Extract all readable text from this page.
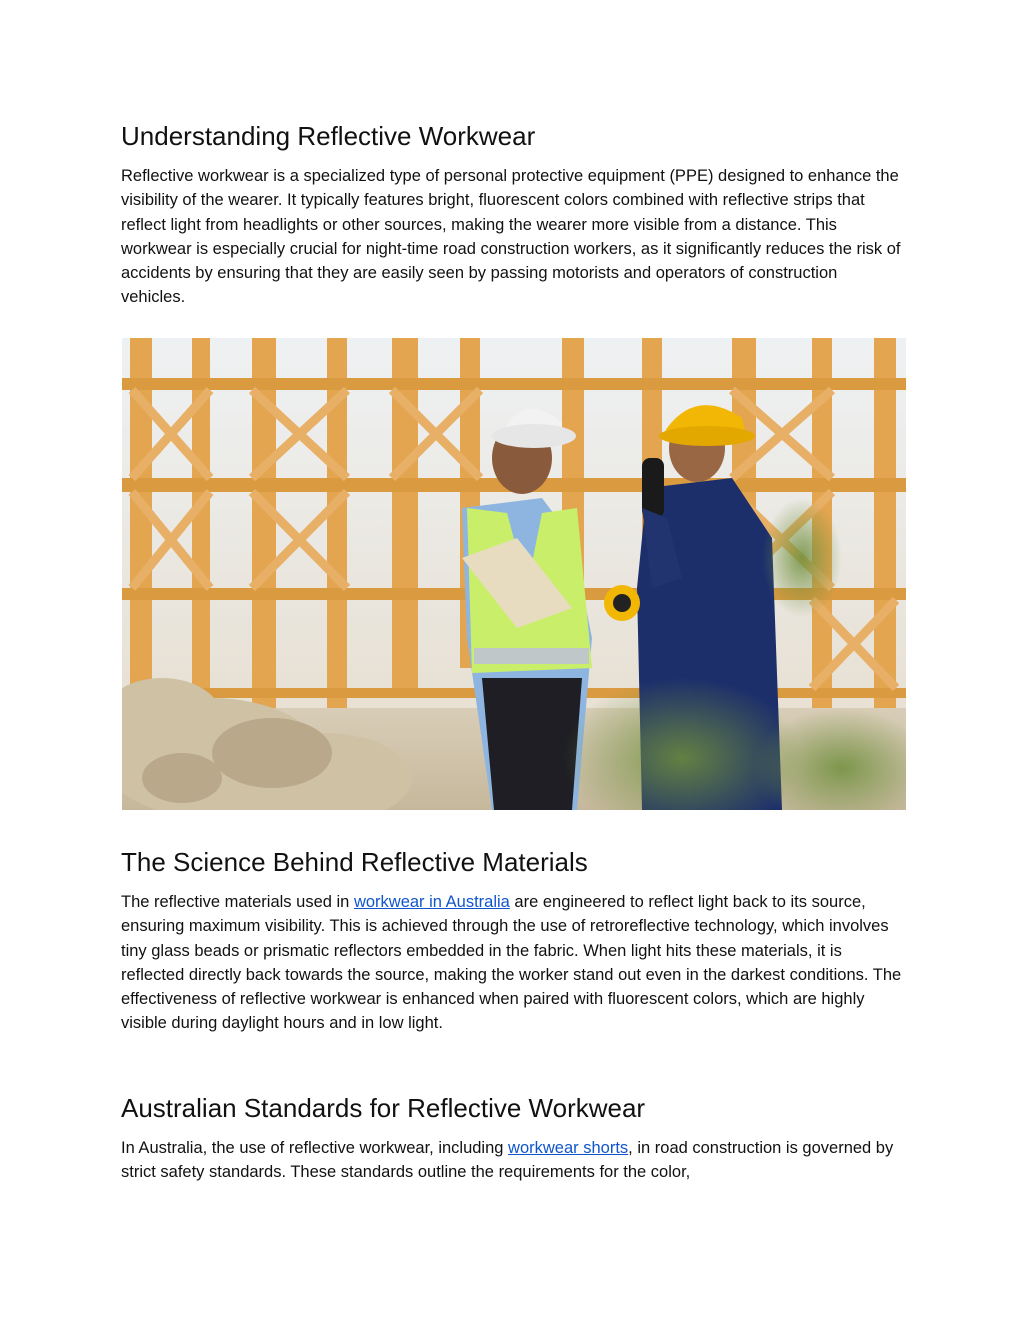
Understanding Reflective Workwear

Reflective workwear is a specialized type of personal protective equipment (PPE) designed to enhance the visibility of the wearer. It typically features bright, fluorescent colors combined with reflective strips that reflect light from headlights or other sources, making the wearer more visible from a distance. This workwear is especially crucial for night-time road construction workers, as it significantly reduces the risk of accidents by ensuring that they are easily seen by passing motorists and operators of construction vehicles.

The Science Behind Reflective Materials

The reflective materials used in workwear in Australia are engineered to reflect light back to its source, ensuring maximum visibility. This is achieved through the use of retroreflective technology, which involves tiny glass beads or prismatic reflectors embedded in the fabric. When light hits these materials, it is reflected directly back towards the source, making the worker stand out even in the darkest conditions. The effectiveness of reflective workwear is enhanced when paired with fluorescent colors, which are highly visible during daylight hours and in low light.

Australian Standards for Reflective Workwear

In Australia, the use of reflective workwear, including workwear shorts, in road construction is governed by strict safety standards. These standards outline the requirements for the color,
